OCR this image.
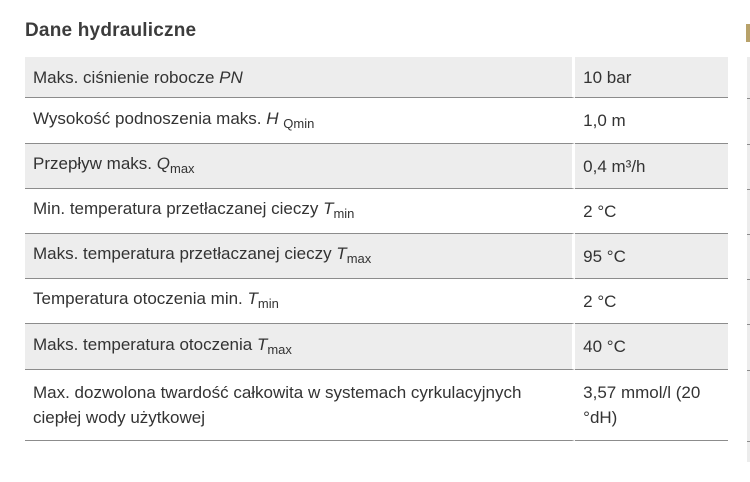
Dane hydrauliczne
Maks. ciśnienie robocze PN	10 bar
Wysokość podnoszenia maks. H $_{Qmin}$	1,0 m
Przepływ maks. $Q_{max}$	0,4 m³/h
Min. temperatura przetłaczanej cieczy $T_{min}$	2 °C
Maks. temperatura przetłaczanej cieczy $T_{max}$	95 °C
Temperatura otoczenia min. $T_{min}$	2 °C
Maks. temperatura otoczenia $T_{max}$	40 °C
Max. dozwolona twardość całkowita w systemach cyrkulacyjnych ciepłej wody użytkowej	3,57 mmol/l (20 °dH)
